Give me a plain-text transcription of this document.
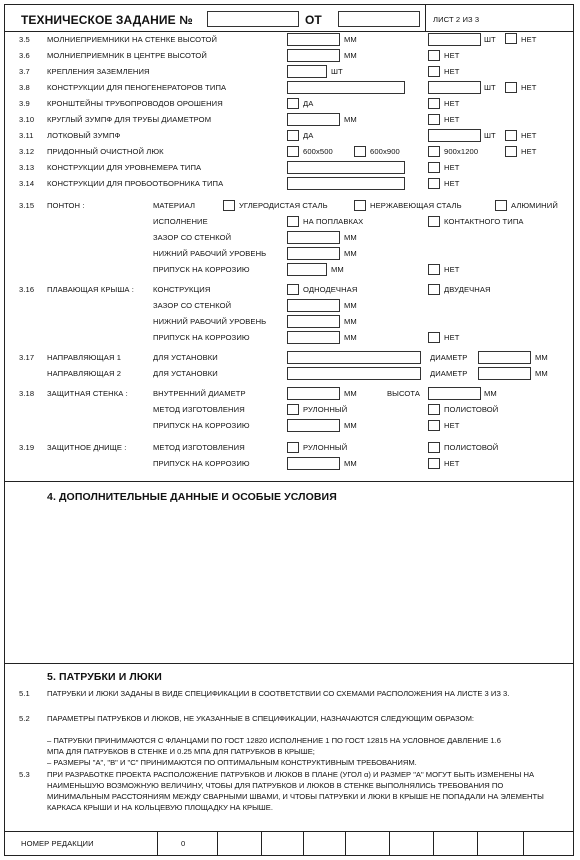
ТЕХНИЧЕСКОЕ ЗАДАНИЕ №	ОТ	ЛИСТ 2 ИЗ 3
3.5 МОЛНИЕПРИЕМНИКИ НА СТЕНКЕ ВЫСОТОЙ	ММ	ШТ	НЕТ
3.6 МОЛНИЕПРИЕМНИК В ЦЕНТРЕ ВЫСОТОЙ	ММ	НЕТ
3.7 КРЕПЛЕНИЯ ЗАЗЕМЛЕНИЯ	ШТ	НЕТ
3.8 КОНСТРУКЦИИ ДЛЯ ПЕНОГЕНЕРАТОРОВ ТИПА	ШТ	НЕТ
3.9 КРОНШТЕЙНЫ ТРУБОПРОВОДОВ ОРОШЕНИЯ	ДА	НЕТ
3.10 КРУГЛЫЙ ЗУМПФ ДЛЯ ТРУБЫ ДИАМЕТРОМ	ММ	НЕТ
3.11 ЛОТКОВЫЙ ЗУМПФ	ДА	ШТ	НЕТ
3.12 ПРИДОННЫЙ ОЧИСТНОЙ ЛЮК	600х500	600х900	900х1200	НЕТ
3.13 КОНСТРУКЦИИ ДЛЯ УРОВНЕМЕРА ТИПА	НЕТ
3.14 КОНСТРУКЦИИ ДЛЯ ПРОБООТБОРНИКА ТИПА	НЕТ
3.15 ПОНТОН :	МАТЕРИАЛ	УГЛЕРОДИСТАЯ СТАЛЬ	НЕРЖАВЕЮЩАЯ СТАЛЬ	АЛЮМИНИЙ
ИСПОЛНЕНИЕ	НА ПОПЛАВКАХ	КОНТАКТНОГО ТИПА
ЗАЗОР СО СТЕНКОЙ	ММ
НИЖНИЙ РАБОЧИЙ УРОВЕНЬ	ММ
ПРИПУСК НА КОРРОЗИЮ	ММ	НЕТ
3.16 ПЛАВАЮЩАЯ КРЫША :	КОНСТРУКЦИЯ	ОДНОДЕЧНАЯ	ДВУДЕЧНАЯ
ЗАЗОР СО СТЕНКОЙ	ММ
НИЖНИЙ РАБОЧИЙ УРОВЕНЬ	ММ
ПРИПУСК НА КОРРОЗИЮ	ММ	НЕТ
3.17 НАПРАВЛЯЮЩАЯ 1	ДЛЯ УСТАНОВКИ	ДИАМЕТР	ММ
НАПРАВЛЯЮЩАЯ 2	ДЛЯ УСТАНОВКИ	ДИАМЕТР	ММ
3.18 ЗАЩИТНАЯ СТЕНКА :	ВНУТРЕННИЙ ДИАМЕТР	ММ	ВЫСОТА	ММ
МЕТОД ИЗГОТОВЛЕНИЯ	РУЛОННЫЙ	ПОЛИСТОВОЙ
ПРИПУСК НА КОРРОЗИЮ	ММ	НЕТ
3.19 ЗАЩИТНОЕ ДНИЩЕ :	МЕТОД ИЗГОТОВЛЕНИЯ	РУЛОННЫЙ	ПОЛИСТОВОЙ
ПРИПУСК НА КОРРОЗИЮ	ММ	НЕТ
4. ДОПОЛНИТЕЛЬНЫЕ ДАННЫЕ И ОСОБЫЕ УСЛОВИЯ
5. ПАТРУБКИ И ЛЮКИ
5.1 ПАТРУБКИ И ЛЮКИ ЗАДАНЫ В ВИДЕ СПЕЦИФИКАЦИИ В СООТВЕТСТВИИ СО СХЕМАМИ РАСПОЛОЖЕНИЯ НА ЛИСТЕ 3 ИЗ 3.
5.2 ПАРАМЕТРЫ ПАТРУБКОВ И ЛЮКОВ, НЕ УКАЗАННЫЕ В СПЕЦИФИКАЦИИ, НАЗНАЧАЮТСЯ СЛЕДУЮЩИМ ОБРАЗОМ:
– ПАТРУБКИ ПРИНИМАЮТСЯ С ФЛАНЦАМИ ПО ГОСТ 12820 ИСПОЛНЕНИЕ 1 ПО ГОСТ 12815 НА УСЛОВНОЕ ДАВЛЕНИЕ 1.6 МПА ДЛЯ ПАТРУБКОВ В СТЕНКЕ И 0.25 МПА ДЛЯ ПАТРУБКОВ В КРЫШЕ;
– РАЗМЕРЫ "А", "В" И "С" ПРИНИМАЮТСЯ ПО ОПТИМАЛЬНЫМ КОНСТРУКТИВНЫМ ТРЕБОВАНИЯМ.
5.3 ПРИ РАЗРАБОТКЕ ПРОЕКТА РАСПОЛОЖЕНИЕ ПАТРУБКОВ И ЛЮКОВ В ПЛАНЕ (УГОЛ α) И РАЗМЕР "А" МОГУТ БЫТЬ ИЗМЕНЕНЫ НА НАИМЕНЬШУЮ ВОЗМОЖНУЮ ВЕЛИЧИНУ, ЧТОБЫ ДЛЯ ПАТРУБКОВ И ЛЮКОВ В СТЕНКЕ ВЫПОЛНЯЛИСЬ ТРЕБОВАНИЯ ПО МИНИМАЛЬНЫМ РАССТОЯНИЯМ МЕЖДУ СВАРНЫМИ ШВАМИ, И ЧТОБЫ ПАТРУБКИ И ЛЮКИ В КРЫШЕ НЕ ПОПАДАЛИ НА ЭЛЕМЕНТЫ КАРКАСА КРЫШИ И НА КОЛЬЦЕВУЮ ПЛОЩАДКУ НА КРЫШЕ.
НОМЕР РЕДАКЦИИ	0
